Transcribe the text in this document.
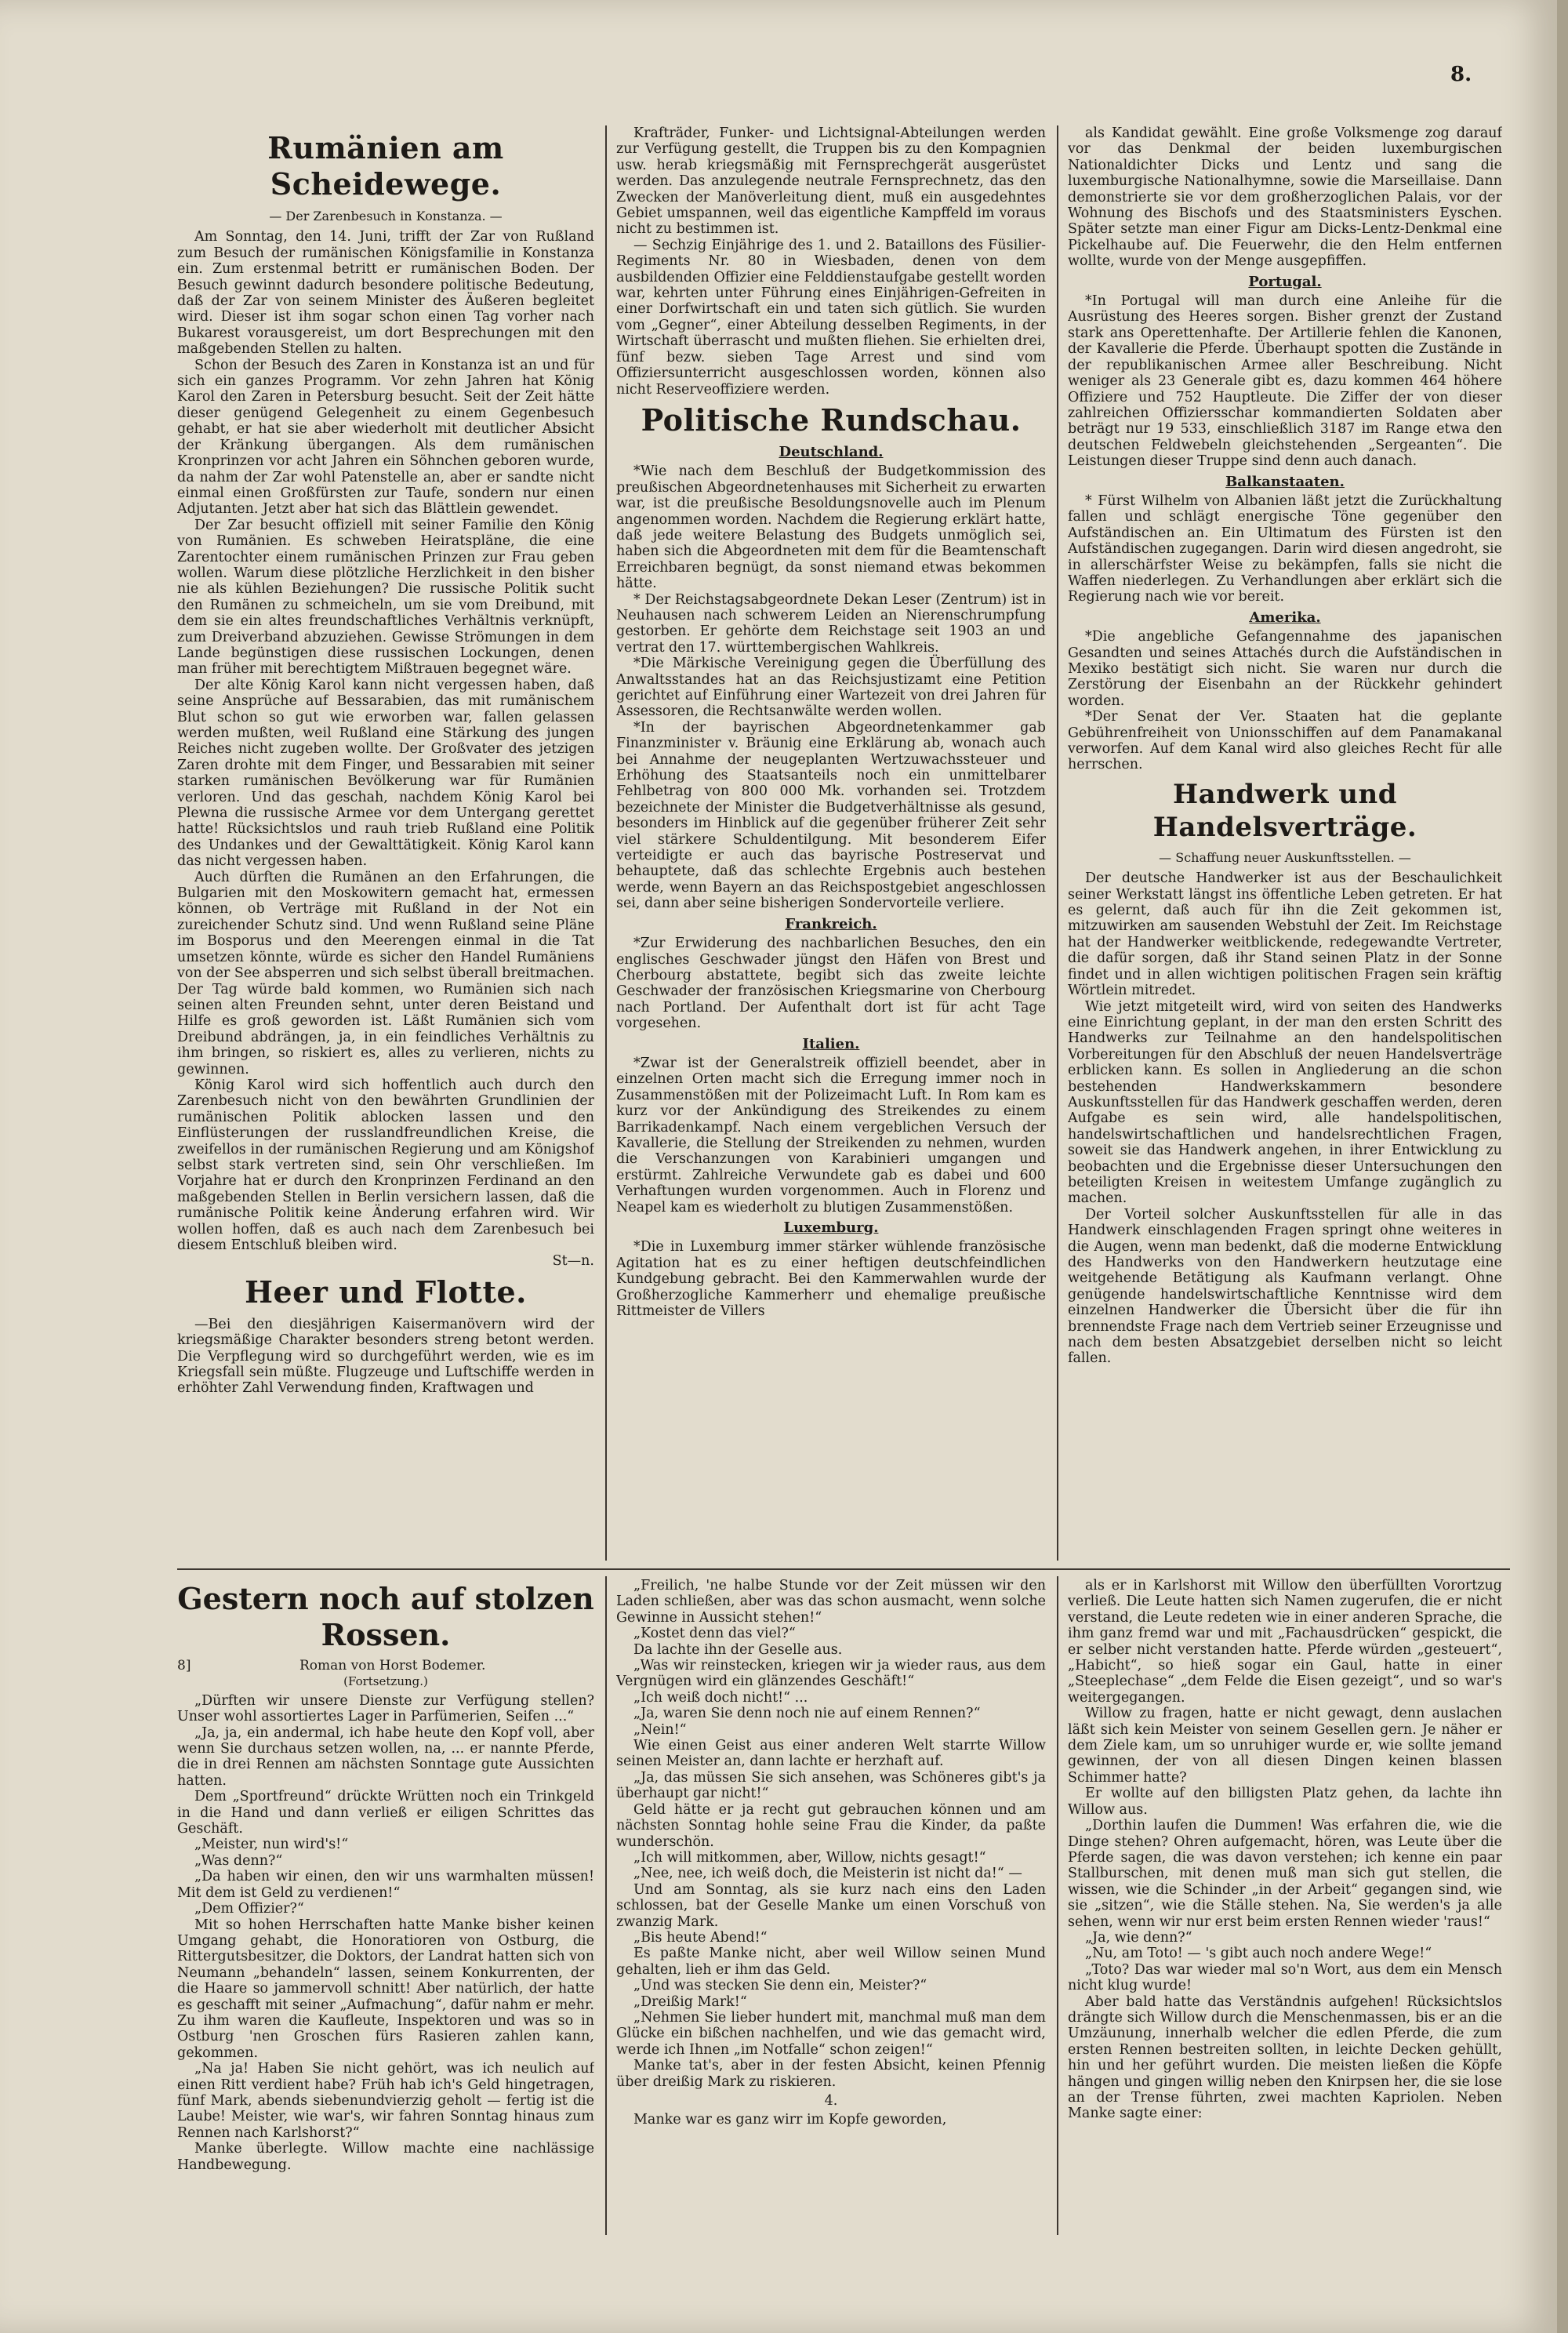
8.
Rumänien am Scheidewege.
— Der Zarenbesuch in Konstanza. —

Am Sonntag, den 14. Juni, trifft der Zar von Rußland zum Besuch der rumänischen Königsfamilie in Konstanza ein. Zum erstenmal betritt er rumänischen Boden. Der Besuch gewinnt dadurch besondere politische Bedeutung, daß der Zar von seinem Minister des Äußeren begleitet wird. Dieser ist ihm sogar schon einen Tag vorher nach Bukarest vorausgereist, um dort Besprechungen mit den maßgebenden Stellen zu halten.

Schon der Besuch des Zaren in Konstanza ist an und für sich ein ganzes Programm. Vor zehn Jahren hat König Karol den Zaren in Petersburg besucht. Seit der Zeit hätte dieser genügend Gelegenheit zu einem Gegenbesuch gehabt, er hat sie aber wiederholt mit deutlicher Absicht der Kränkung übergangen. Als dem rumänischen Kronprinzen vor acht Jahren ein Söhnchen geboren wurde, da nahm der Zar wohl Patenstelle an, aber er sandte nicht einmal einen Großfürsten zur Taufe, sondern nur einen Adjutanten. Jetzt aber hat sich das Blättlein gewendet.

Der Zar besucht offiziell mit seiner Familie den König von Rumänien. Es schweben Heiratspläne, die eine Zarentochter einem rumänischen Prinzen zur Frau geben wollen. Warum diese plötzliche Herzlichkeit in den bisher nie als kühlen Beziehungen? Die russische Politik sucht den Rumänen zu schmeicheln, um sie vom Dreibund, mit dem sie ein altes freundschaftliches Verhältnis verknüpft, zum Dreiverband abzuziehen. Gewisse Strömungen in dem Lande begünstigen diese russischen Lockungen, denen man früher mit berechtigtem Mißtrauen begegnet wäre.

Der alte König Karol kann nicht vergessen haben, daß seine Ansprüche auf Bessarabien, das mit rumänischem Blut schon so gut wie erworben war, fallen gelassen werden mußten, weil Rußland eine Stärkung des jungen Reiches nicht zugeben wollte. Der Großvater des jetzigen Zaren drohte mit dem Finger, und Bessarabien mit seiner starken rumänischen Bevölkerung war für Rumänien verloren. Und das geschah, nachdem König Karol bei Plewna die russische Armee vor dem Untergang gerettet hatte! Rücksichtslos und rauh trieb Rußland eine Politik des Undankes und der Gewalttätigkeit. König Karol kann das nicht vergessen haben.

Auch dürften die Rumänen an den Erfahrungen, die Bulgarien mit den Moskowitern gemacht hat, ermessen können, ob Verträge mit Rußland in der Not ein zureichender Schutz sind. Und wenn Rußland seine Pläne im Bosporus und den Meerengen einmal in die Tat umsetzen könnte, würde es sicher den Handel Rumäniens von der See absperren und sich selbst überall breitmachen. Der Tag würde bald kommen, wo Rumänien sich nach seinen alten Freunden sehnt, unter deren Beistand und Hilfe es groß geworden ist. Läßt Rumänien sich vom Dreibund abdrängen, ja, in ein feindliches Verhältnis zu ihm bringen, so riskiert es, alles zu verlieren, nichts zu gewinnen.

König Karol wird sich hoffentlich auch durch den Zarenbesuch nicht von den bewährten Grundlinien der rumänischen Politik ablocken lassen und den Einflüsterungen der russlandfreundlichen Kreise, die zweifellos in der rumänischen Regierung und am Königshof selbst stark vertreten sind, sein Ohr verschließen. Im Vorjahre hat er durch den Kronprinzen Ferdinand an den maßgebenden Stellen in Berlin versichern lassen, daß die rumänische Politik keine Änderung erfahren wird. Wir wollen hoffen, daß es auch nach dem Zarenbesuch bei diesem Entschluß bleiben wird.

St—n.
Heer und Flotte.

—Bei den diesjährigen Kaisermanövern wird der kriegsmäßige Charakter besonders streng betont werden. Die Verpflegung wird so durchgeführt werden, wie es im Kriegsfall sein müßte. Flugzeuge und Luftschiffe werden in erhöhter Zahl Verwendung finden, Kraftwagen und

Krafträder, Funker- und Lichtsignal-Abteilungen werden zur Verfügung gestellt, die Truppen bis zu den Kompagnien usw. herab kriegsmäßig mit Fernsprechgerät ausgerüstet werden. Das anzulegende neutrale Fernsprechnetz, das den Zwecken der Manöverleitung dient, muß ein ausgedehntes Gebiet umspannen, weil das eigentliche Kampffeld im voraus nicht zu bestimmen ist.

— Sechzig Einjährige des 1. und 2. Bataillons des Füsilier-Regiments Nr. 80 in Wiesbaden, denen von dem ausbildenden Offizier eine Felddienstaufgabe gestellt worden war, kehrten unter Führung eines Einjährigen-Gefreiten in einer Dorfwirtschaft ein und taten sich gütlich. Sie wurden vom „Gegner“, einer Abteilung desselben Regiments, in der Wirtschaft überrascht und mußten fliehen. Sie erhielten drei, fünf bezw. sieben Tage Arrest und sind vom Offiziersunterricht ausgeschlossen worden, können also nicht Reserveoffiziere werden.

Politische Rundschau.
Deutschland.

*Wie nach dem Beschluß der Budgetkommission des preußischen Abgeordnetenhauses mit Sicherheit zu erwarten war, ist die preußische Besoldungsnovelle auch im Plenum angenommen worden. Nachdem die Regierung erklärt hatte, daß jede weitere Belastung des Budgets unmöglich sei, haben sich die Abgeordneten mit dem für die Beamtenschaft Erreichbaren begnügt, da sonst niemand etwas bekommen hätte.

* Der Reichstagsabgeordnete Dekan Leser (Zentrum) ist in Neuhausen nach schwerem Leiden an Nierenschrumpfung gestorben. Er gehörte dem Reichstage seit 1903 an und vertrat den 17. württembergischen Wahlkreis.

*Die Märkische Vereinigung gegen die Überfüllung des Anwaltsstandes hat an das Reichsjustizamt eine Petition gerichtet auf Einführung einer Wartezeit von drei Jahren für Assessoren, die Rechtsanwälte werden wollen.

*In der bayrischen Abgeordnetenkammer gab Finanzminister v. Bräunig eine Erklärung ab, wonach auch bei Annahme der neugeplanten Wertzuwachssteuer und Erhöhung des Staatsanteils noch ein unmittelbarer Fehlbetrag von 800 000 Mk. vorhanden sei. Trotzdem bezeichnete der Minister die Budgetverhältnisse als gesund, besonders im Hinblick auf die gegenüber früherer Zeit sehr viel stärkere Schuldentilgung. Mit besonderem Eifer verteidigte er auch das bayrische Postreservat und behauptete, daß das schlechte Ergebnis auch bestehen werde, wenn Bayern an das Reichspostgebiet angeschlossen sei, dann aber seine bisherigen Sondervorteile verliere.

Frankreich.

*Zur Erwiderung des nachbarlichen Besuches, den ein englisches Geschwader jüngst den Häfen von Brest und Cherbourg abstattete, begibt sich das zweite leichte Geschwader der französischen Kriegsmarine von Cherbourg nach Portland. Der Aufenthalt dort ist für acht Tage vorgesehen.

Italien.

*Zwar ist der Generalstreik offiziell beendet, aber in einzelnen Orten macht sich die Erregung immer noch in Zusammenstößen mit der Polizeimacht Luft. In Rom kam es kurz vor der Ankündigung des Streikendes zu einem Barrikadenkampf. Nach einem vergeblichen Versuch der Kavallerie, die Stellung der Streikenden zu nehmen, wurden die Verschanzungen von Karabinieri umgangen und erstürmt. Zahlreiche Verwundete gab es dabei und 600 Verhaftungen wurden vorgenommen. Auch in Florenz und Neapel kam es wiederholt zu blutigen Zusammenstößen.

Luxemburg.

*Die in Luxemburg immer stärker wühlende französische Agitation hat es zu einer heftigen deutschfeindlichen Kundgebung gebracht. Bei den Kammerwahlen wurde der Großherzogliche Kammerherr und ehemalige preußische Rittmeister de Villers

als Kandidat gewählt. Eine große Volksmenge zog darauf vor das Denkmal der beiden luxemburgischen Nationaldichter Dicks und Lentz und sang die luxemburgische Nationalhymne, sowie die Marseillaise. Dann demonstrierte sie vor dem großherzoglichen Palais, vor der Wohnung des Bischofs und des Staatsministers Eyschen. Später setzte man einer Figur am Dicks-Lentz-Denkmal eine Pickelhaube auf. Die Feuerwehr, die den Helm entfernen wollte, wurde von der Menge ausgepfiffen.

Portugal.

*In Portugal will man durch eine Anleihe für die Ausrüstung des Heeres sorgen. Bisher grenzt der Zustand stark ans Operettenhafte. Der Artillerie fehlen die Kanonen, der Kavallerie die Pferde. Überhaupt spotten die Zustände in der republikanischen Armee aller Beschreibung. Nicht weniger als 23 Generale gibt es, dazu kommen 464 höhere Offiziere und 752 Hauptleute. Die Ziffer der von dieser zahlreichen Offiziersschar kommandierten Soldaten aber beträgt nur 19 533, einschließlich 3187 im Range etwa den deutschen Feldwebeln gleichstehenden „Sergeanten“. Die Leistungen dieser Truppe sind denn auch danach.

Balkanstaaten.

* Fürst Wilhelm von Albanien läßt jetzt die Zurückhaltung fallen und schlägt energische Töne gegenüber den Aufständischen an. Ein Ultimatum des Fürsten ist den Aufständischen zugegangen. Darin wird diesen angedroht, sie in allerschärfster Weise zu bekämpfen, falls sie nicht die Waffen niederlegen. Zu Verhandlungen aber erklärt sich die Regierung nach wie vor bereit.

Amerika.

*Die angebliche Gefangennahme des japanischen Gesandten und seines Attachés durch die Aufständischen in Mexiko bestätigt sich nicht. Sie waren nur durch die Zerstörung der Eisenbahn an der Rückkehr gehindert worden.

*Der Senat der Ver. Staaten hat die geplante Gebührenfreiheit von Unionsschiffen auf dem Panamakanal verworfen. Auf dem Kanal wird also gleiches Recht für alle herrschen.

Handwerk und Handelsverträge.
— Schaffung neuer Auskunftsstellen. —

Der deutsche Handwerker ist aus der Beschaulichkeit seiner Werkstatt längst ins öffentliche Leben getreten. Er hat es gelernt, daß auch für ihn die Zeit gekommen ist, mitzuwirken am sausenden Webstuhl der Zeit. Im Reichstage hat der Handwerker weitblickende, redegewandte Vertreter, die dafür sorgen, daß ihr Stand seinen Platz in der Sonne findet und in allen wichtigen politischen Fragen sein kräftig Wörtlein mitredet.

Wie jetzt mitgeteilt wird, wird von seiten des Handwerks eine Einrichtung geplant, in der man den ersten Schritt des Handwerks zur Teilnahme an den handelspolitischen Vorbereitungen für den Abschluß der neuen Handelsverträge erblicken kann. Es sollen in Angliederung an die schon bestehenden Handwerkskammern besondere Auskunftsstellen für das Handwerk geschaffen werden, deren Aufgabe es sein wird, alle handelspolitischen, handelswirtschaftlichen und handelsrechtlichen Fragen, soweit sie das Handwerk angehen, in ihrer Entwicklung zu beobachten und die Ergebnisse dieser Untersuchungen den beteiligten Kreisen in weitestem Umfange zugänglich zu machen.

Der Vorteil solcher Auskunftsstellen für alle in das Handwerk einschlagenden Fragen springt ohne weiteres in die Augen, wenn man bedenkt, daß die moderne Entwicklung des Handwerks von den Handwerkern heutzutage eine weitgehende Betätigung als Kaufmann verlangt. Ohne genügende handelswirtschaftliche Kenntnisse wird dem einzelnen Handwerker die Übersicht über die für ihn brennendste Frage nach dem Vertrieb seiner Erzeugnisse und nach dem besten Absatzgebiet derselben nicht so leicht fallen.

Gestern noch auf stolzen Rossen.
8]	Roman von Horst Bodemer.
(Fortsetzung.)

„Dürften wir unsere Dienste zur Verfügung stellen? Unser wohl assortiertes Lager in Parfümerien, Seifen ...“

„Ja, ja, ein andermal, ich habe heute den Kopf voll, aber wenn Sie durchaus setzen wollen, na, ... er nannte Pferde, die in drei Rennen am nächsten Sonntage gute Aussichten hatten.

Dem „Sportfreund“ drückte Wrütten noch ein Trinkgeld in die Hand und dann verließ er eiligen Schrittes das Geschäft.

„Meister, nun wird's!“

„Was denn?“

„Da haben wir einen, den wir uns warmhalten müssen! Mit dem ist Geld zu verdienen!“

„Dem Offizier?“

Mit so hohen Herrschaften hatte Manke bisher keinen Umgang gehabt, die Honoratioren von Ostburg, die Rittergutsbesitzer, die Doktors, der Landrat hatten sich von Neumann „behandeln“ lassen, seinem Konkurrenten, der die Haare so jammervoll schnitt! Aber natürlich, der hatte es geschafft mit seiner „Aufmachung“, dafür nahm er mehr. Zu ihm waren die Kaufleute, Inspektoren und was so in Ostburg 'nen Groschen fürs Rasieren zahlen kann, gekommen.

„Na ja! Haben Sie nicht gehört, was ich neulich auf einen Ritt verdient habe? Früh hab ich's Geld hingetragen, fünf Mark, abends siebenundvierzig geholt — fertig ist die Laube! Meister, wie war's, wir fahren Sonntag hinaus zum Rennen nach Karlshorst?“

Manke überlegte. Willow machte eine nachlässige Handbewegung.

„Freilich, 'ne halbe Stunde vor der Zeit müssen wir den Laden schließen, aber was das schon ausmacht, wenn solche Gewinne in Aussicht stehen!“

„Kostet denn das viel?“

Da lachte ihn der Geselle aus.

„Was wir reinstecken, kriegen wir ja wieder raus, aus dem Vergnügen wird ein glänzendes Geschäft!“

„Ich weiß doch nicht!“ ...

„Ja, waren Sie denn noch nie auf einem Rennen?“

„Nein!“

Wie einen Geist aus einer anderen Welt starrte Willow seinen Meister an, dann lachte er herzhaft auf.

„Ja, das müssen Sie sich ansehen, was Schöneres gibt's ja überhaupt gar nicht!“

Geld hätte er ja recht gut gebrauchen können und am nächsten Sonntag hohle seine Frau die Kinder, da paßte wunderschön.

„Ich will mitkommen, aber, Willow, nichts gesagt!“

„Nee, nee, ich weiß doch, die Meisterin ist nicht da!“ —

Und am Sonntag, als sie kurz nach eins den Laden schlossen, bat der Geselle Manke um einen Vorschuß von zwanzig Mark.

„Bis heute Abend!“

Es paßte Manke nicht, aber weil Willow seinen Mund gehalten, lieh er ihm das Geld.

„Und was stecken Sie denn ein, Meister?“

„Dreißig Mark!“

„Nehmen Sie lieber hundert mit, manchmal muß man dem Glücke ein bißchen nachhelfen, und wie das gemacht wird, werde ich Ihnen „im Notfalle“ schon zeigen!“

Manke tat's, aber in der festen Absicht, keinen Pfennig über dreißig Mark zu riskieren.

4.

Manke war es ganz wirr im Kopfe geworden,

als er in Karlshorst mit Willow den überfüllten Vorortzug verließ. Die Leute hatten sich Namen zugerufen, die er nicht verstand, die Leute redeten wie in einer anderen Sprache, die ihm ganz fremd war und mit „Fachausdrücken“ gespickt, die er selber nicht verstanden hatte. Pferde würden „gesteuert“, „Habicht“, so hieß sogar ein Gaul, hatte in einer „Steeplechase“ „dem Felde die Eisen gezeigt“, und so war's weitergegangen.

Willow zu fragen, hatte er nicht gewagt, denn auslachen läßt sich kein Meister von seinem Gesellen gern. Je näher er dem Ziele kam, um so unruhiger wurde er, wie sollte jemand gewinnen, der von all diesen Dingen keinen blassen Schimmer hatte?

Er wollte auf den billigsten Platz gehen, da lachte ihn Willow aus.

„Dorthin laufen die Dummen! Was erfahren die, wie die Dinge stehen? Ohren aufgemacht, hören, was Leute über die Pferde sagen, die was davon verstehen; ich kenne ein paar Stallburschen, mit denen muß man sich gut stellen, die wissen, wie die Schinder „in der Arbeit“ gegangen sind, wie sie „sitzen“, wie die Ställe stehen. Na, Sie werden's ja alle sehen, wenn wir nur erst beim ersten Rennen wieder 'raus!“

„Ja, wie denn?“

„Nu, am Toto! — 's gibt auch noch andere Wege!“

„Toto? Das war wieder mal so'n Wort, aus dem ein Mensch nicht klug wurde!

Aber bald hatte das Verständnis aufgehen! Rücksichtslos drängte sich Willow durch die Menschenmassen, bis er an die Umzäunung, innerhalb welcher die edlen Pferde, die zum ersten Rennen bestreiten sollten, in leichte Decken gehüllt, hin und her geführt wurden. Die meisten ließen die Köpfe hängen und gingen willig neben den Knirpsen her, die sie lose an der Trense führten, zwei machten Kapriolen. Neben Manke sagte einer:
